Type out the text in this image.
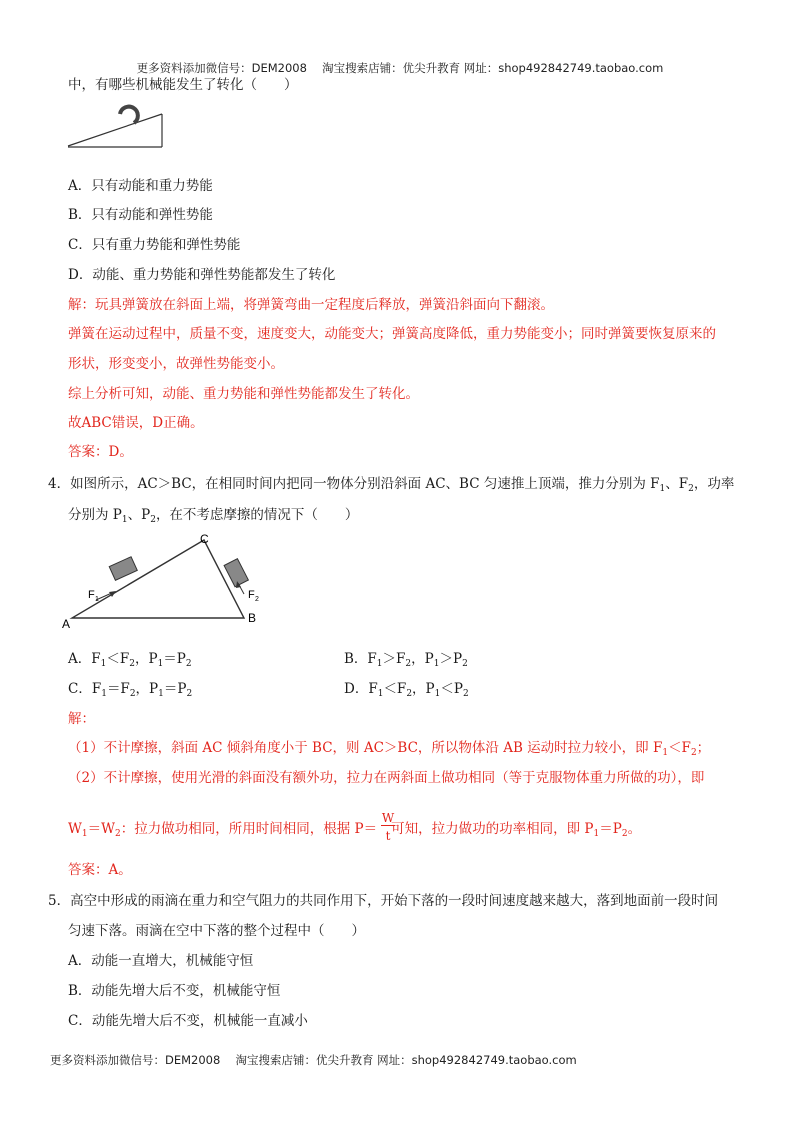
更多资料添加微信号：DEM2008　 淘宝搜索店铺：优尖升教育 网址：shop492842749.taobao.com
中，有哪些机械能发生了转化（　　）
A．只有动能和重力势能
B．只有动能和弹性势能
C．只有重力势能和弹性势能
D．动能、重力势能和弹性势能都发生了转化
解：玩具弹簧放在斜面上端，将弹簧弯曲一定程度后释放，弹簧沿斜面向下翻滚。
弹簧在运动过程中，质量不变，速度变大，动能变大；弹簧高度降低，重力势能变小；同时弹簧要恢复原来的
形状，形变变小，故弹性势能变小。
综上分析可知，动能、重力势能和弹性势能都发生了转化。
故ABC错误，D正确。
答案：D。
4．如图所示，AC＞BC，在相同时间内把同一物体分别沿斜面 AC、BC 匀速推上顶端，推力分别为 $F_1$、$F_2$，功率
分别为 $P_1$、$P_2$，在不考虑摩擦的情况下（　　）
A	B
C
F 1	F 2
A．$F_1<F_2$，$P_1=P_2$	B．$F_1>F_2$，$P_1>P_2$
C．$F_1=F_2$，$P_1=P_2$	D．$F_1<F_2$，$P_1<P_2$
解：
（1）不计摩擦，斜面 AC 倾斜角度小于 BC，则 AC＞BC，所以物体沿 AB 运动时拉力较小，即 $F_1<F_2$；
（2）不计摩擦，使用光滑的斜面没有额外功，拉力在两斜面上做功相同（等于克服物体重力所做的功），即
$W_1=W_2$：拉力做功相同，所用时间相同，根据 P＝ 可知，拉力做功的功率相同，即 $P_1=P_2$。
W
t
答案：A。
5．高空中形成的雨滴在重力和空气阻力的共同作用下，开始下落的一段时间速度越来越大，落到地面前一段时间
匀速下落。雨滴在空中下落的整个过程中（　　）
A．动能一直增大，机械能守恒
B．动能先增大后不变，机械能守恒
C．动能先增大后不变，机械能一直减小
更多资料添加微信号：DEM2008　 淘宝搜索店铺：优尖升教育 网址：shop492842749.taobao.com
